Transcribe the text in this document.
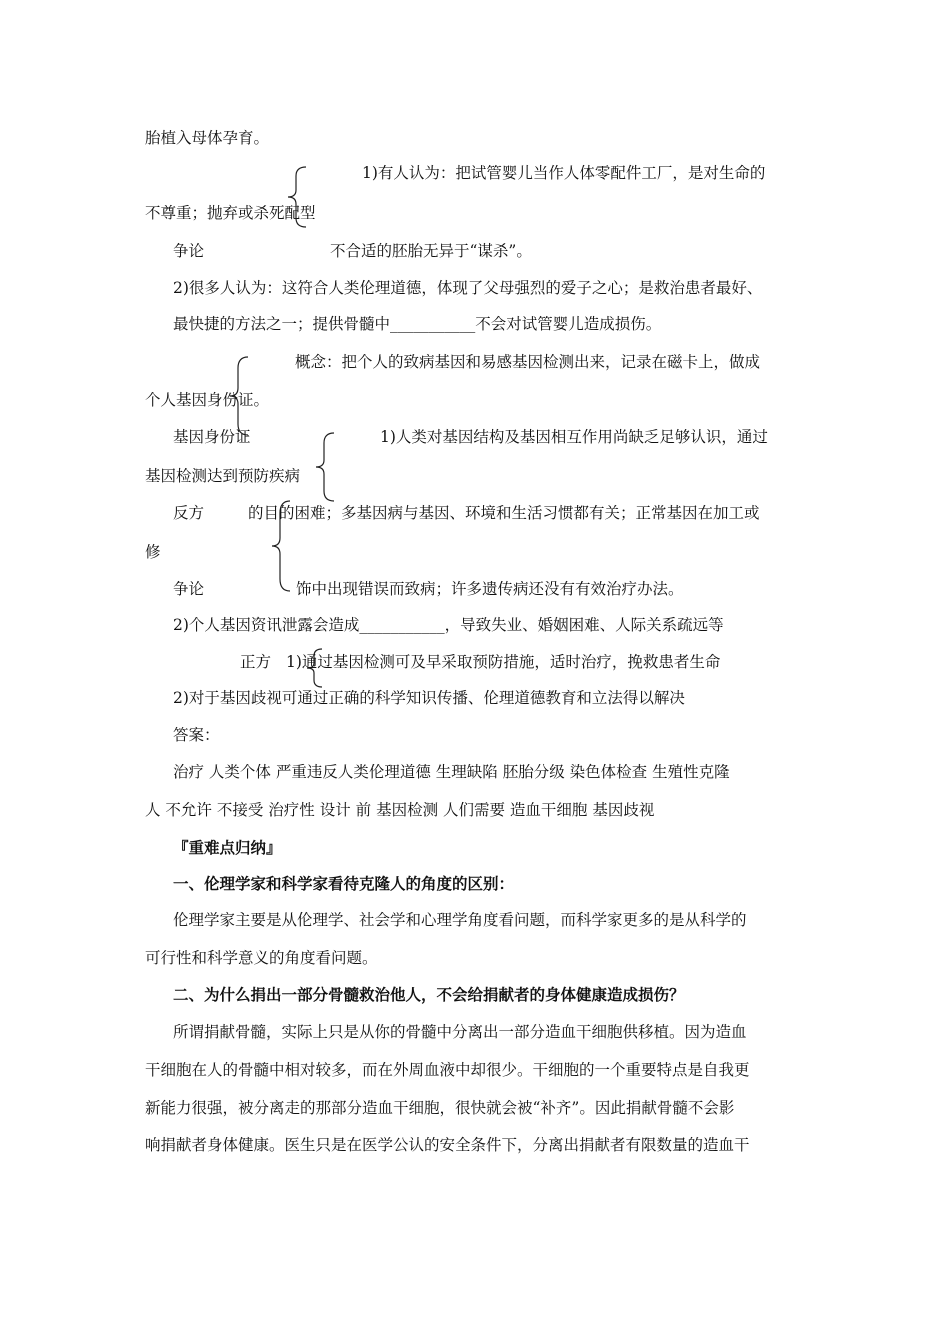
胎植入母体孕育。
1)有人认为：把试管婴儿当作人体零配件工厂，是对生命的
不尊重；抛弃或杀死配型
争论	不合适的胚胎无异于“谋杀”。
2)很多人认为：这符合人类伦理道德，体现了父母强烈的爱子之心；是救治患者最好、
最快捷的方法之一；提供骨髓中___________不会对试管婴儿造成损伤。
概念：把个人的致病基因和易感基因检测出来，记录在磁卡上，做成
个人基因身份证。
基因身份证	1)人类对基因结构及基因相互作用尚缺乏足够认识，通过
基因检测达到预防疾病
反方	的目的困难；多基因病与基因、环境和生活习惯都有关；正常基因在加工或
修
争论	饰中出现错误而致病；许多遗传病还没有有效治疗办法。
2)个人基因资讯泄露会造成___________，导致失业、婚姻困难、人际关系疏远等
正方 1)通过基因检测可及早采取预防措施，适时治疗，挽救患者生命
2)对于基因歧视可通过正确的科学知识传播、伦理道德教育和立法得以解决
答案：
治疗 人类个体 严重违反人类伦理道德 生理缺陷 胚胎分级 染色体检查 生殖性克隆
人 不允许 不接受 治疗性 设计 前 基因检测 人们需要 造血干细胞 基因歧视
『重难点归纳』
一、伦理学家和科学家看待克隆人的角度的区别：
伦理学家主要是从伦理学、社会学和心理学角度看问题，而科学家更多的是从科学的
可行性和科学意义的角度看问题。
二、为什么捐出一部分骨髓救治他人，不会给捐献者的身体健康造成损伤？
所谓捐献骨髓，实际上只是从你的骨髓中分离出一部分造血干细胞供移植。因为造血
干细胞在人的骨髓中相对较多，而在外周血液中却很少。干细胞的一个重要特点是自我更
新能力很强，被分离走的那部分造血干细胞，很快就会被“补齐”。因此捐献骨髓不会影
响捐献者身体健康。医生只是在医学公认的安全条件下，分离出捐献者有限数量的造血干
